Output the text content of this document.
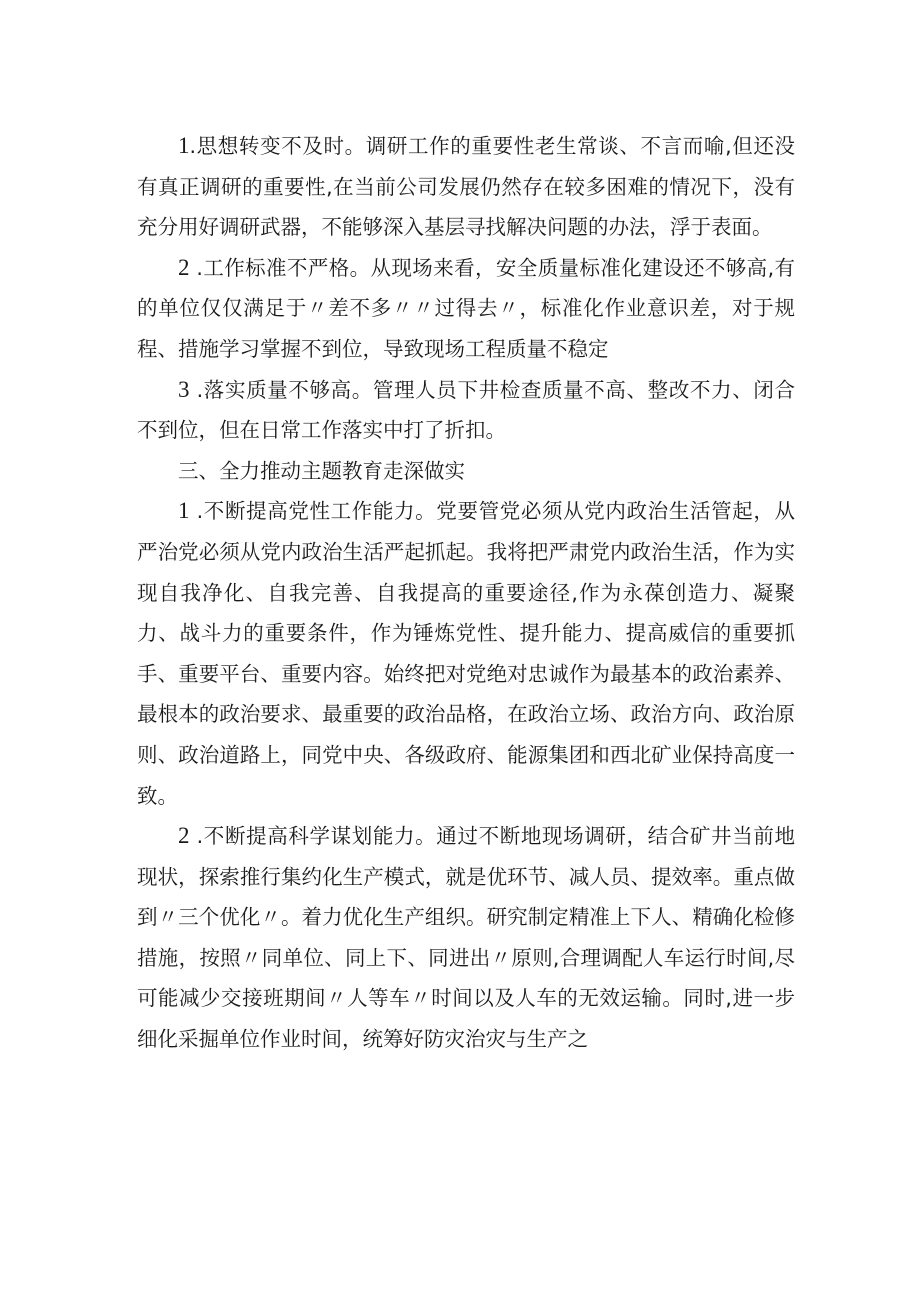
1.思想转变不及时。调研工作的重要性老生常谈、不言而喻,但还没有真正调研的重要性,在当前公司发展仍然存在较多困难的情况下，没有充分用好调研武器，不能够深入基层寻找解决问题的办法，浮于表面。

2 .工作标准不严格。从现场来看，安全质量标准化建设还不够高,有的单位仅仅满足于〃差不多〃〃过得去〃，标准化作业意识差，对于规程、措施学习掌握不到位，导致现场工程质量不稳定

3 .落实质量不够高。管理人员下井检查质量不高、整改不力、闭合不到位，但在日常工作落实中打了折扣。

三、全力推动主题教育走深做实

1 .不断提高党性工作能力。党要管党必须从党内政治生活管起，从严治党必须从党内政治生活严起抓起。我将把严肃党内政治生活，作为实现自我净化、自我完善、自我提高的重要途径,作为永葆创造力、凝聚力、战斗力的重要条件，作为锤炼党性、提升能力、提高威信的重要抓手、重要平台、重要内容。始终把对党绝对忠诚作为最基本的政治素养、最根本的政治要求、最重要的政治品格，在政治立场、政治方向、政治原则、政治道路上，同党中央、各级政府、能源集团和西北矿业保持高度一致。

2 .不断提高科学谋划能力。通过不断地现场调研，结合矿井当前地现状，探索推行集约化生产模式，就是优环节、减人员、提效率。重点做到〃三个优化〃。着力优化生产组织。研究制定精准上下人、精确化检修措施，按照〃同单位、同上下、同进出〃原则,合理调配人车运行时间,尽可能减少交接班期间〃人等车〃时间以及人车的无效运输。同时,进一步细化采掘单位作业时间，统筹好防灾治灾与生产之
